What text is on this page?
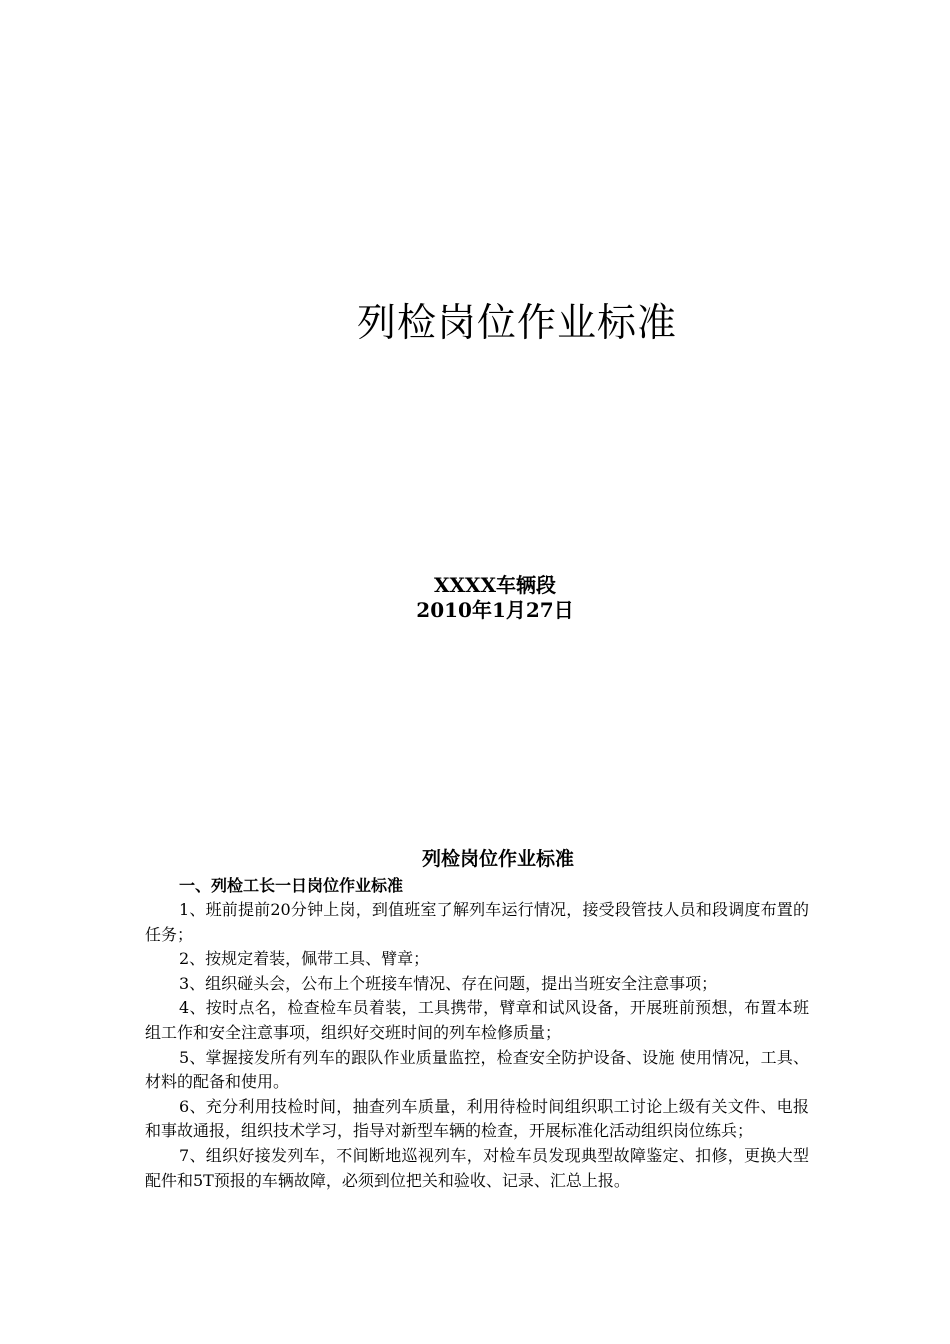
列检岗位作业标准
XXXX车辆段
2010年1月27日
列检岗位作业标准

一、列检工长一日岗位作业标准

1、班前提前20分钟上岗，到值班室了解列车运行情况，接受段管技人员和段调度布置的任务；

2、按规定着装，佩带工具、臂章；

3、组织碰头会，公布上个班接车情况、存在问题，提出当班安全注意事项；

4、按时点名，检查检车员着装，工具携带，臂章和试风设备，开展班前预想，布置本班组工作和安全注意事项，组织好交班时间的列车检修质量；

5、掌握接发所有列车的跟队作业质量监控，检查安全防护设备、设施 使用情况，工具、材料的配备和使用。

6、充分利用技检时间，抽查列车质量，利用待检时间组织职工讨论上级有关文件、电报和事故通报，组织技术学习，指导对新型车辆的检查，开展标准化活动组织岗位练兵；

7、组织好接发列车，不间断地巡视列车，对检车员发现典型故障鉴定、扣修，更换大型配件和5T预报的车辆故障，必须到位把关和验收、记录、汇总上报。
